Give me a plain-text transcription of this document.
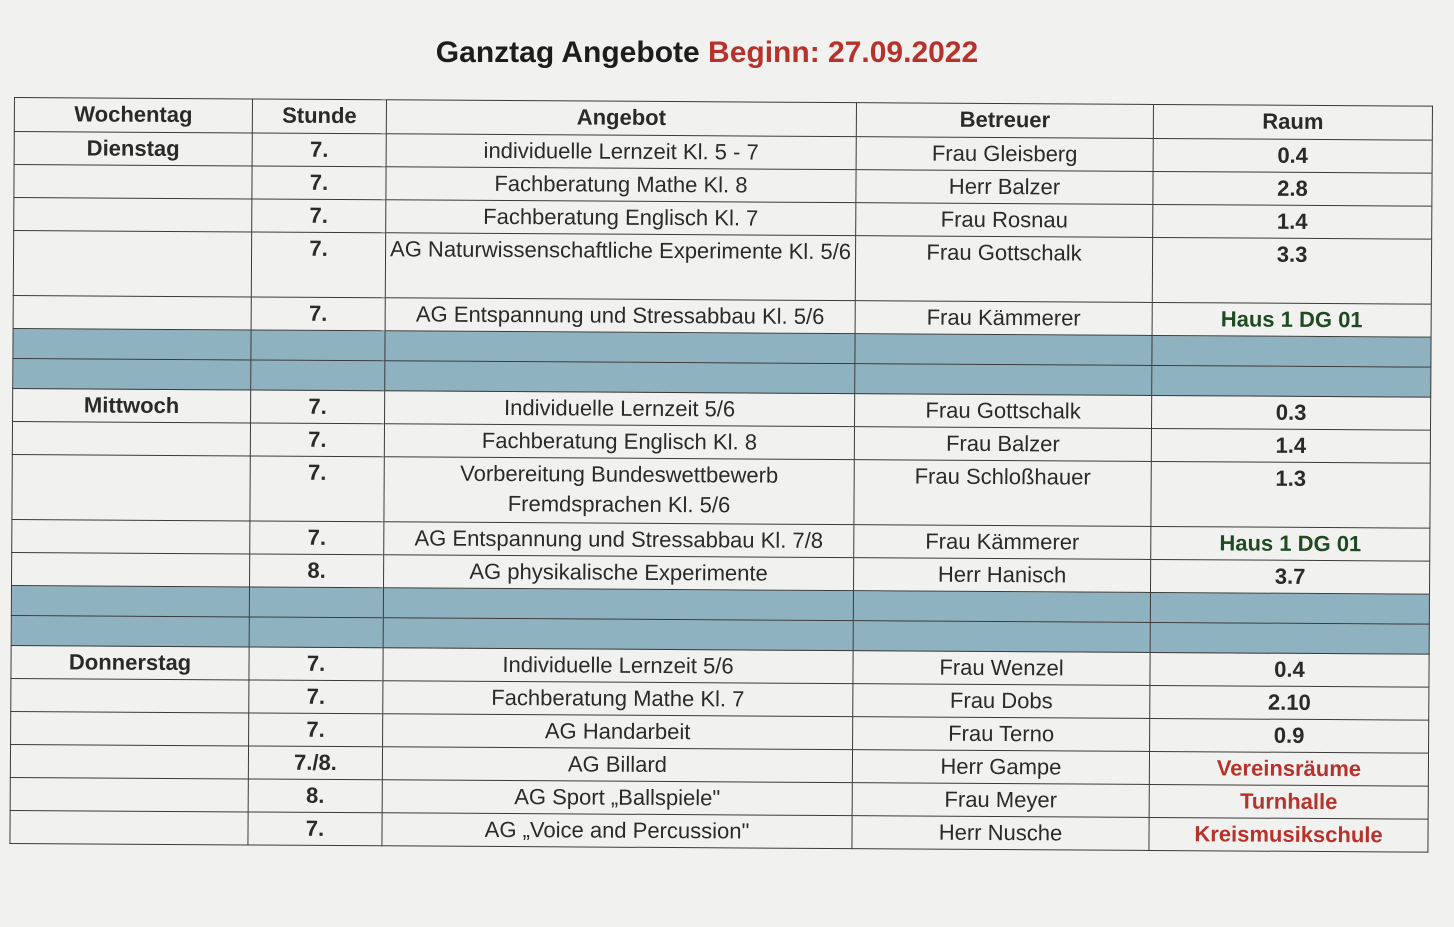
Ganztag Angebote Beginn: 27.09.2022
Wochentag	Stunde	Angebot	Betreuer	Raum
Dienstag	7.	individuelle Lernzeit Kl. 5 - 7	Frau Gleisberg	0.4
	7.	Fachberatung Mathe Kl. 8	Herr Balzer	2.8
	7.	Fachberatung Englisch Kl. 7	Frau Rosnau	1.4
	7.	AG Naturwissenschaftliche Experimente Kl. 5/6	Frau Gottschalk	3.3
	7.	AG Entspannung und Stressabbau Kl. 5/6	Frau Kämmerer	Haus 1 DG 01

Mittwoch	7.	Individuelle Lernzeit 5/6	Frau Gottschalk	0.3
	7.	Fachberatung Englisch Kl. 8	Frau Balzer	1.4
	7.	Vorbereitung Bundeswettbewerb Fremdsprachen Kl. 5/6	Frau Schloßhauer	1.3
	7.	AG Entspannung und Stressabbau Kl. 7/8	Frau Kämmerer	Haus 1 DG 01
	8.	AG physikalische Experimente	Herr Hanisch	3.7

Donnerstag	7.	Individuelle Lernzeit 5/6	Frau Wenzel	0.4
	7.	Fachberatung Mathe Kl. 7	Frau Dobs	2.10
	7.	AG Handarbeit	Frau Terno	0.9
	7./8.	AG Billard	Herr Gampe	Vereinsräume
	8.	AG Sport „Ballspiele"	Frau Meyer	Turnhalle
	7.	AG „Voice and Percussion"	Herr Nusche	Kreismusikschule
